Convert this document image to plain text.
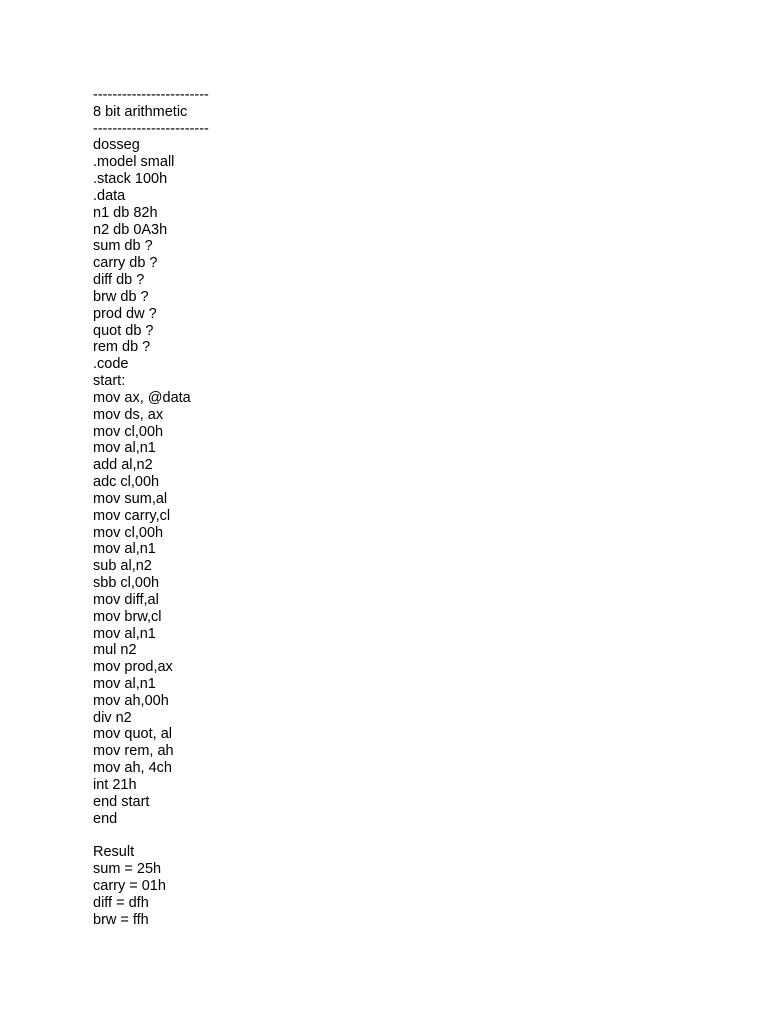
------------------------
8 bit arithmetic
------------------------
dosseg
.model small
.stack 100h
.data
n1 db 82h
n2 db 0A3h
sum db ?
carry db ?
diff db ?
brw db ?
prod dw ?
quot db ?
rem db ?
.code
start:
mov ax, @data
mov ds, ax
mov cl,00h
mov al,n1
add al,n2
adc cl,00h
mov sum,al
mov carry,cl
mov cl,00h
mov al,n1
sub al,n2
sbb cl,00h
mov diff,al
mov brw,cl
mov al,n1
mul n2
mov prod,ax
mov al,n1
mov ah,00h
div n2
mov quot, al
mov rem, ah
mov ah, 4ch
int 21h
end start
end
Result
sum = 25h
carry = 01h
diff = dfh
brw = ffh
